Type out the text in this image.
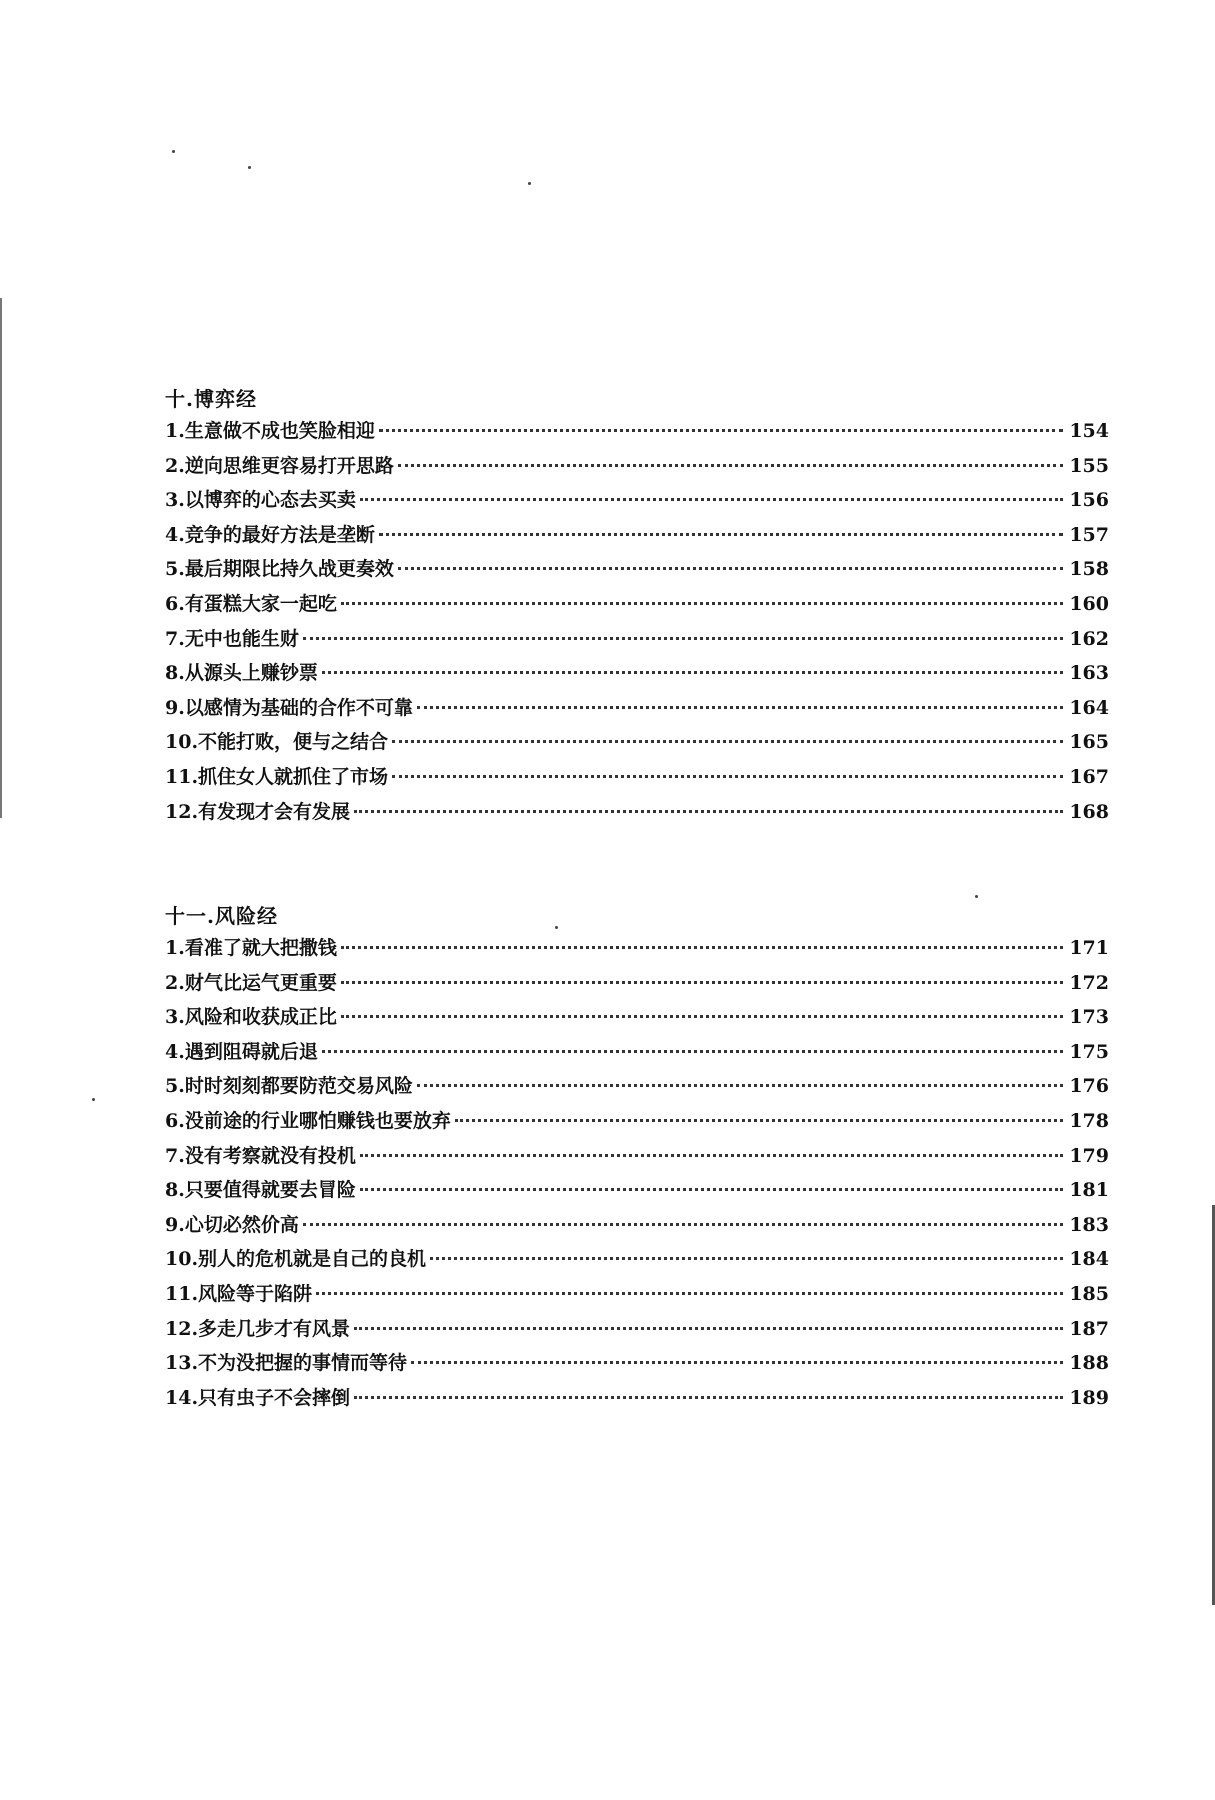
十.博弈经
1.生意做不成也笑脸相迎	154
2.逆向思维更容易打开思路	155
3.以博弈的心态去买卖	156
4.竞争的最好方法是垄断	157
5.最后期限比持久战更奏效	158
6.有蛋糕大家一起吃	160
7.无中也能生财	162
8.从源头上赚钞票	163
9.以感情为基础的合作不可靠	164
10.不能打败，便与之结合	165
11.抓住女人就抓住了市场	167
12.有发现才会有发展	168
十一.风险经
1.看准了就大把撒钱	171
2.财气比运气更重要	172
3.风险和收获成正比	173
4.遇到阻碍就后退	175
5.时时刻刻都要防范交易风险	176
6.没前途的行业哪怕赚钱也要放弃	178
7.没有考察就没有投机	179
8.只要值得就要去冒险	181
9.心切必然价高	183
10.别人的危机就是自己的良机	184
11.风险等于陷阱	185
12.多走几步才有风景	187
13.不为没把握的事情而等待	188
14.只有虫子不会摔倒	189
